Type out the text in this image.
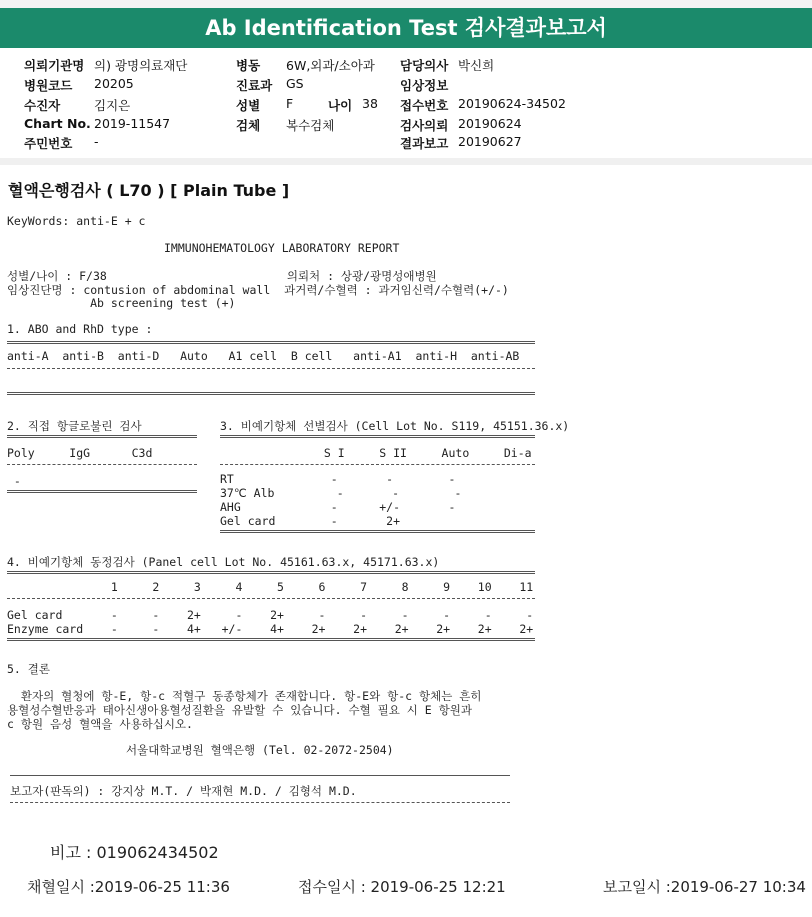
Ab Identification Test 검사결과보고서
의뢰기관명 의) 광명의료재단
병원코드 20205
수진자	김지은
Chart No. 2019-11547
주민번호 -
병동 6W,외과/소아과
진료과 GS
성별 F	나이 38
검체 복수검체
담당의사 박신희
임상정보
접수번호 20190624-34502
검사의뢰 20190624
결과보고 20190627
혈액은행검사 ( L70 ) [ Plain Tube ]
KeyWords: anti-E + c
IMMUNOHEMATOLOGY LABORATORY REPORT
성별/나이 : F/38                          의뢰처 : 상광/광명성애병원
임상진단명 : contusion of abdominal wall  과거력/수혈력 : 과거임신력/수혈력(+/-)
Ab screening test (+)
1. ABO and RhD type :
anti-A  anti-B  anti-D   Auto   A1 cell  B cell   anti-A1  anti-H  anti-AB
2. 직접 항글로불린 검사
Poly     IgG      C3d
-
3. 비예기항체 선별검사 (Cell Lot No. S119, 45151.36.x)
S I     S II     Auto     Di-a
RT              -       -        -
37℃ Alb         -       -        -
AHG             -      +/-       -
Gel card        -       2+
4. 비예기항체 동정검사 (Panel cell Lot No. 45161.63.x, 45171.63.x)
1     2     3     4     5     6     7     8     9    10    11
Gel card       -     -    2+     -    2+     -     -     -     -     -     -
Enzyme card    -     -    4+   +/-    4+    2+    2+    2+    2+    2+    2+
5. 결론
환자의 혈청에 항-E, 항-c 적혈구 동종항체가 존재합니다. 항-E와 항-c 항체는 흔히
용혈성수혈반응과 태아신생아용혈성질환을 유발할 수 있습니다. 수혈 필요 시 E 항원과
c 항원 음성 혈액을 사용하십시오.
서울대학교병원 혈액은행 (Tel. 02-2072-2504)
보고자(판독의) : 강지상 M.T. / 박재현 M.D. / 김형석 M.D.
비고 : 019062434502
채혈일시 :2019-06-25 11:36	접수일시 : 2019-06-25 12:21	보고일시 :2019-06-27 10:34
